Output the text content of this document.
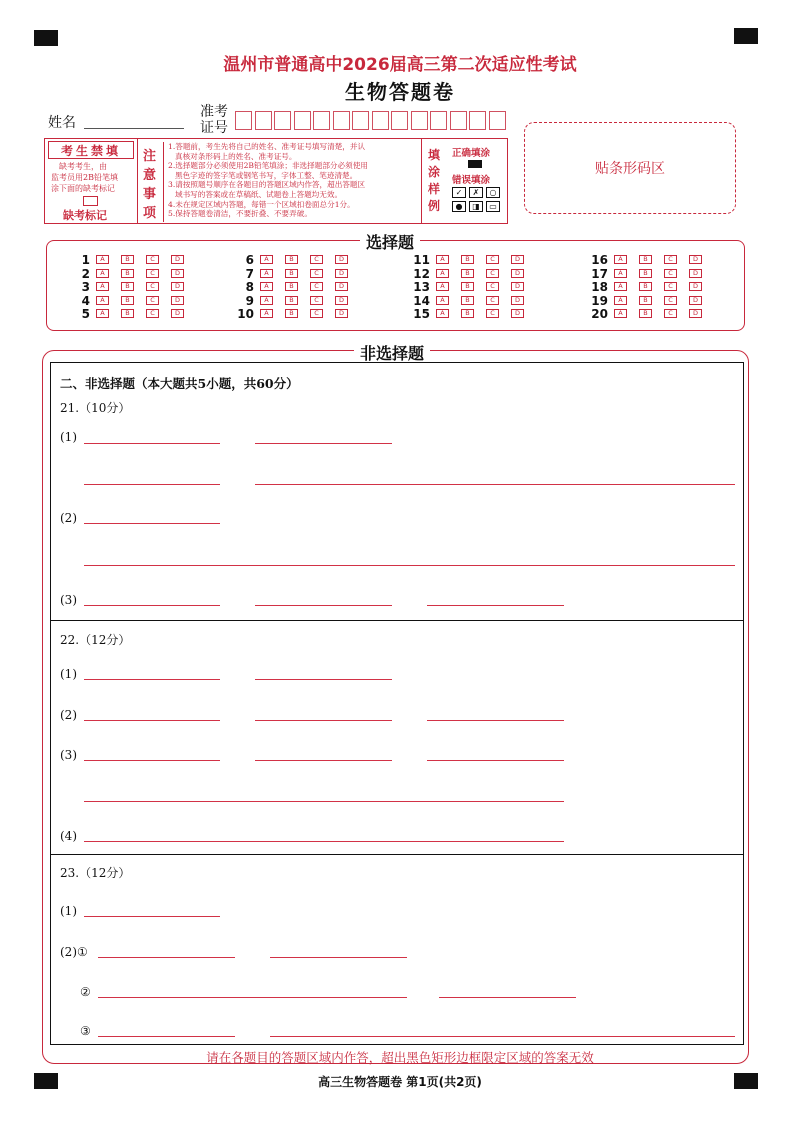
温州市普通高中2026届高三第二次适应性考试
生物答题卷
姓名
准考
证号
考生禁填
缺考考生，由
监考员用2B铅笔填
涂下面的缺考标记
缺考标记
注
意
事
项
1.答题前，考生先将自己的姓名、准考证号填写清楚，并认
真核对条形码上的姓名、准考证号。
2.选择题部分必须使用2B铅笔填涂；非选择题部分必须使用
黑色字迹的签字笔或钢笔书写，字体工整、笔迹清楚。
3.请按照题号顺序在各题目的答题区域内作答，超出答题区
域书写的答案或在草稿纸、试题卷上答题均无效。
4.未在规定区域内答题，每错一个区域扣卷面总分1分。
5.保持答题卷清洁，不要折叠、不要弄破。
填
涂
样
例
正确填涂
错误填涂
✓ ✗ ○
● ◨ ▭
贴条形码区
选择题
1	A	B	C	D
2	A	B	C	D
3	A	B	C	D
4	A	B	C	D
5	A	B	C	D
6	A	B	C	D
7	A	B	C	D
8	A	B	C	D
9	A	B	C	D
10	A	B	C	D
11	A	B	C	D
12	A	B	C	D
13	A	B	C	D
14	A	B	C	D
15	A	B	C	D
16	A	B	C	D
17	A	B	C	D
18	A	B	C	D
19	A	B	C	D
20	A	B	C	D
非选择题
二、非选择题（本大题共5小题，共60分）
21.（10分）
(1)
(2)
(3)
22.（12分）
(1)
(2)
(3)
(4)
23.（12分）
(1)
(2)①
②
③
请在各题目的答题区域内作答，超出黑色矩形边框限定区域的答案无效
高三生物答题卷 第1页(共2页)
